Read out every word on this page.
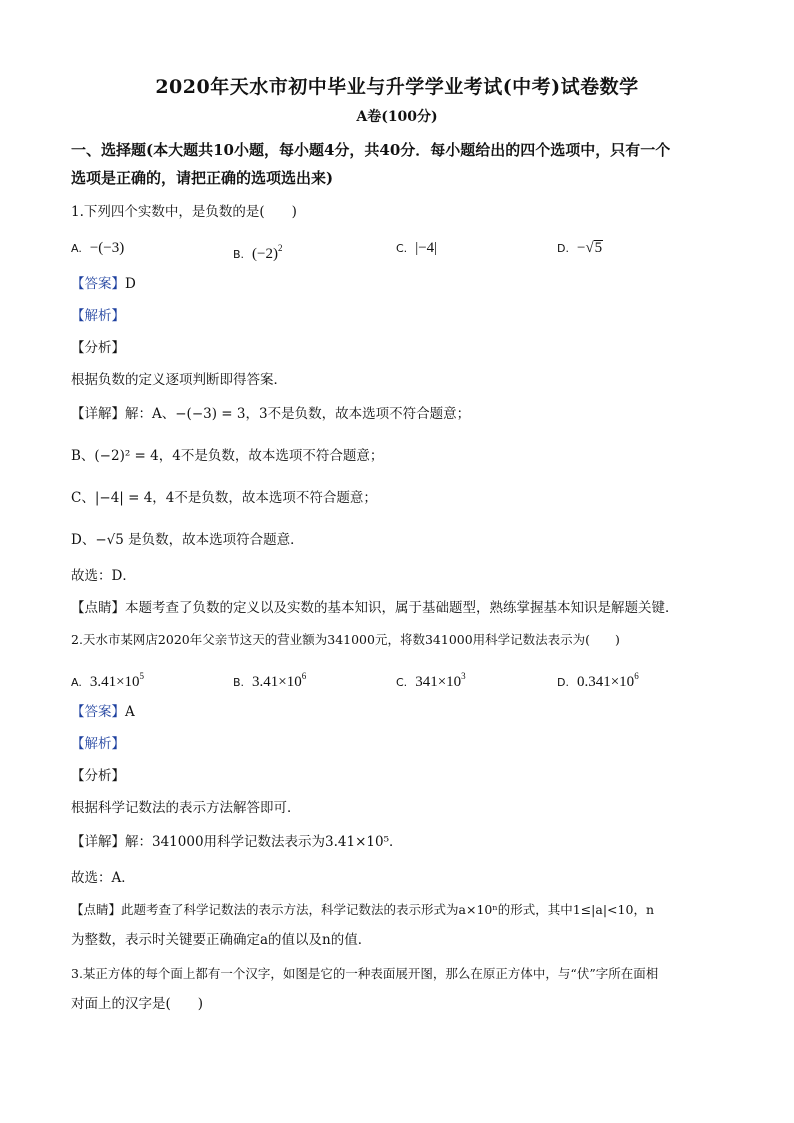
2020年天水市初中毕业与升学学业考试(中考)试卷数学
A卷(100分)
一、选择题(本大题共10小题，每小题4分，共40分．每小题给出的四个选项中，只有一个
选项是正确的，请把正确的选项选出来)
1.下列四个实数中，是负数的是(　　)
A. −(−3)	B. $(-2)^2$	C. |−4|	D. −√5
【答案】D
【解析】
【分析】
根据负数的定义逐项判断即得答案．
【详解】解：A、−(−3) = 3，3不是负数，故本选项不符合题意；
B、(−2)² = 4，4不是负数，故本选项不符合题意；
C、|−4| = 4，4不是负数，故本选项不符合题意；
D、−√5 是负数，故本选项符合题意．
故选：D．
【点睛】本题考查了负数的定义以及实数的基本知识，属于基础题型，熟练掌握基本知识是解题关键．
2.天水市某网店2020年父亲节这天的营业额为341000元，将数341000用科学记数法表示为(　　)
A. $3.41\times 10^5$	B. $3.41\times 10^6$	C. $341\times 10^3$	D. $0.341\times 10^6$
【答案】A
【解析】
【分析】
根据科学记数法的表示方法解答即可．
【详解】解：341000用科学记数法表示为3.41×10⁵．
故选：A．
【点睛】此题考查了科学记数法的表示方法，科学记数法的表示形式为a×10ⁿ的形式，其中1≤|a|<10，n
为整数，表示时关键要正确确定a的值以及n的值．
3.某正方体的每个面上都有一个汉字，如图是它的一种表面展开图，那么在原正方体中，与“伏”字所在面相
对面上的汉字是(　　)
